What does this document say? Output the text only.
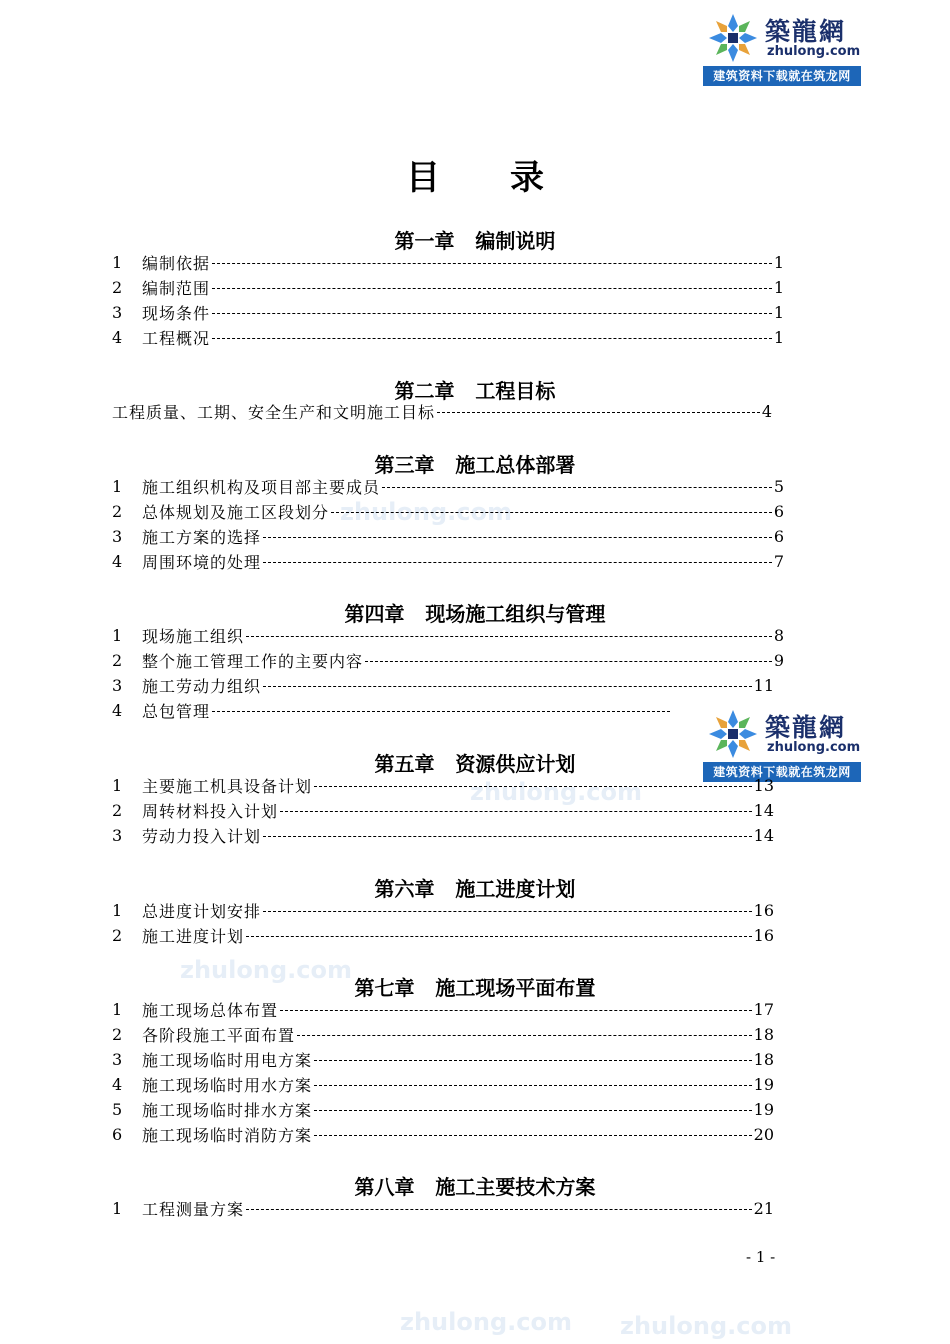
zhulong.com
zhulong.com
zhulong.com
zhulong.com zhulong.com
築龍網
zhulong.com
建筑资料下载就在筑龙网
築龍網
zhulong.com
建筑资料下载就在筑龙网
目录
第一章   编制说明
1	编制依据	1
2	编制范围	1
3	现场条件	1
4	工程概况	1
第二章   工程目标
工程质量、工期、安全生产和文明施工目标	4
第三章   施工总体部署
1	施工组织机构及项目部主要成员	5
2	总体规划及施工区段划分	6
3	施工方案的选择	6
4	周围环境的处理	7
第四章   现场施工组织与管理
1	现场施工组织	8
2	整个施工管理工作的主要内容	9
3	施工劳动力组织	11
4	总包管理
第五章   资源供应计划
1	主要施工机具设备计划	13
2	周转材料投入计划	14
3	劳动力投入计划	14
第六章   施工进度计划
1	总进度计划安排	16
2	施工进度计划	16
第七章   施工现场平面布置
1	施工现场总体布置	17
2	各阶段施工平面布置	18
3	施工现场临时用电方案	18
4	施工现场临时用水方案	19
5	施工现场临时排水方案	19
6	施工现场临时消防方案	20
第八章   施工主要技术方案
1	工程测量方案	21
- 1 -
